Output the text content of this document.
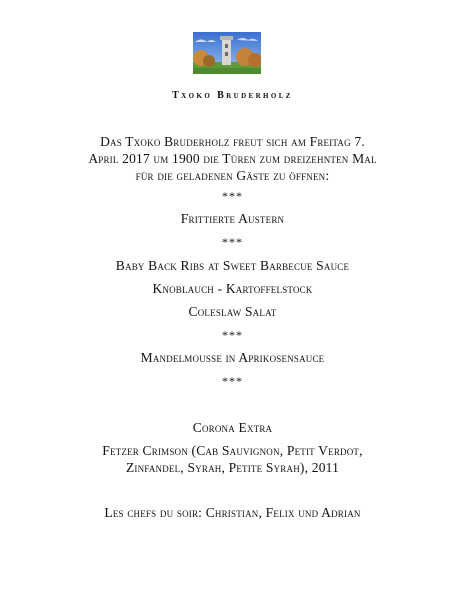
Txoko Bruderholz
Das Txoko Bruderholz freut sich am Freitag 7.
April 2017 um 1900 die Türen zum dreizehnten Mal
für die geladenen Gäste zu öffnen:
***
Frittierte Austern
***
Baby Back Ribs at Sweet Barbecue Sauce
Knoblauch - Kartoffelstock
Coleslaw Salat
***
Mandelmousse in Aprikosensauce
***
Corona Extra
Fetzer Crimson (Cab Sauvignon, Petit Verdot,
Zinfandel, Syrah, Petite Syrah), 2011
Les chefs du soir: Christian, Felix und Adrian
